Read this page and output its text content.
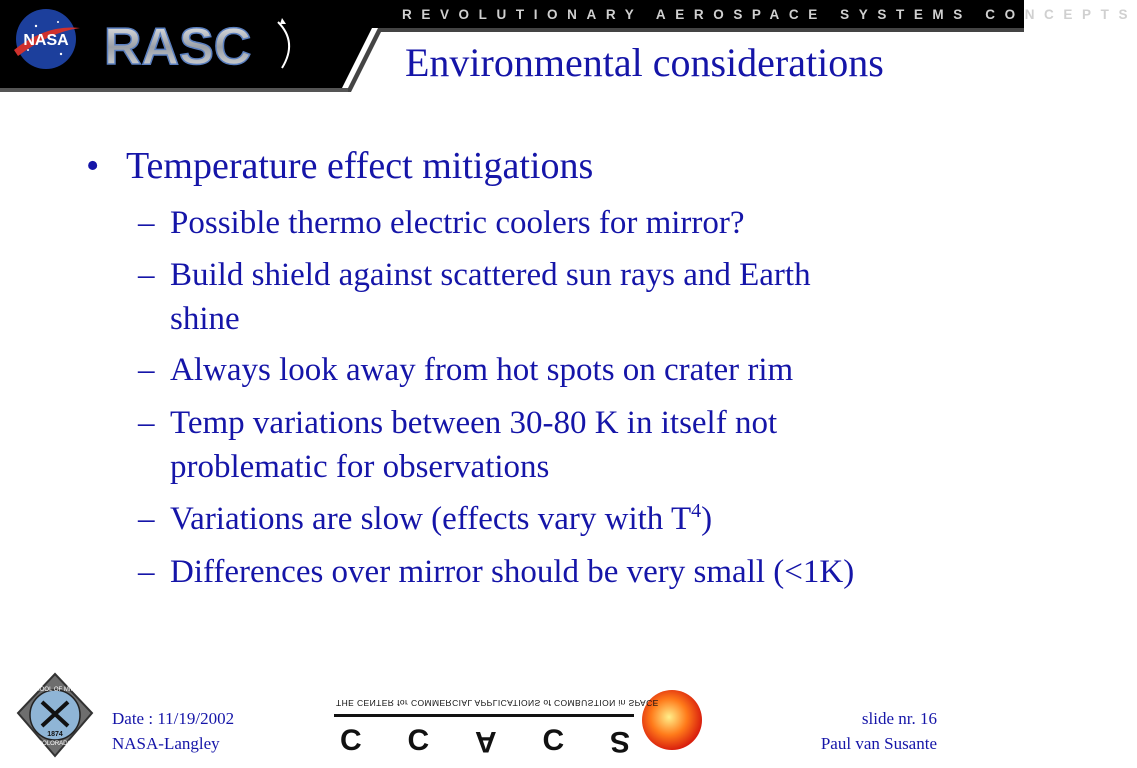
NASA RASC
REVOLUTIONARY AEROSPACE SYSTEMS CONCEPTS
Environmental considerations
• Temperature effect mitigations
– Possible thermo electric coolers for mirror?
– Build shield against scattered sun rays and Earth shine
– Always look away from hot spots on crater rim
– Temp variations between 30-80 K in itself not problematic for observations
– Variations are slow (effects vary with $T^4$)
– Differences over mirror should be very small (<1K)
SCHOOL OF MINES
COLORADO
1874
Date : 11/19/2002
NASA-Langley
THE CENTER for COMMERCIAL APPLICATIONS of COMBUSTION in SPACE
C C A C S
slide nr. 16
Paul van Susante
